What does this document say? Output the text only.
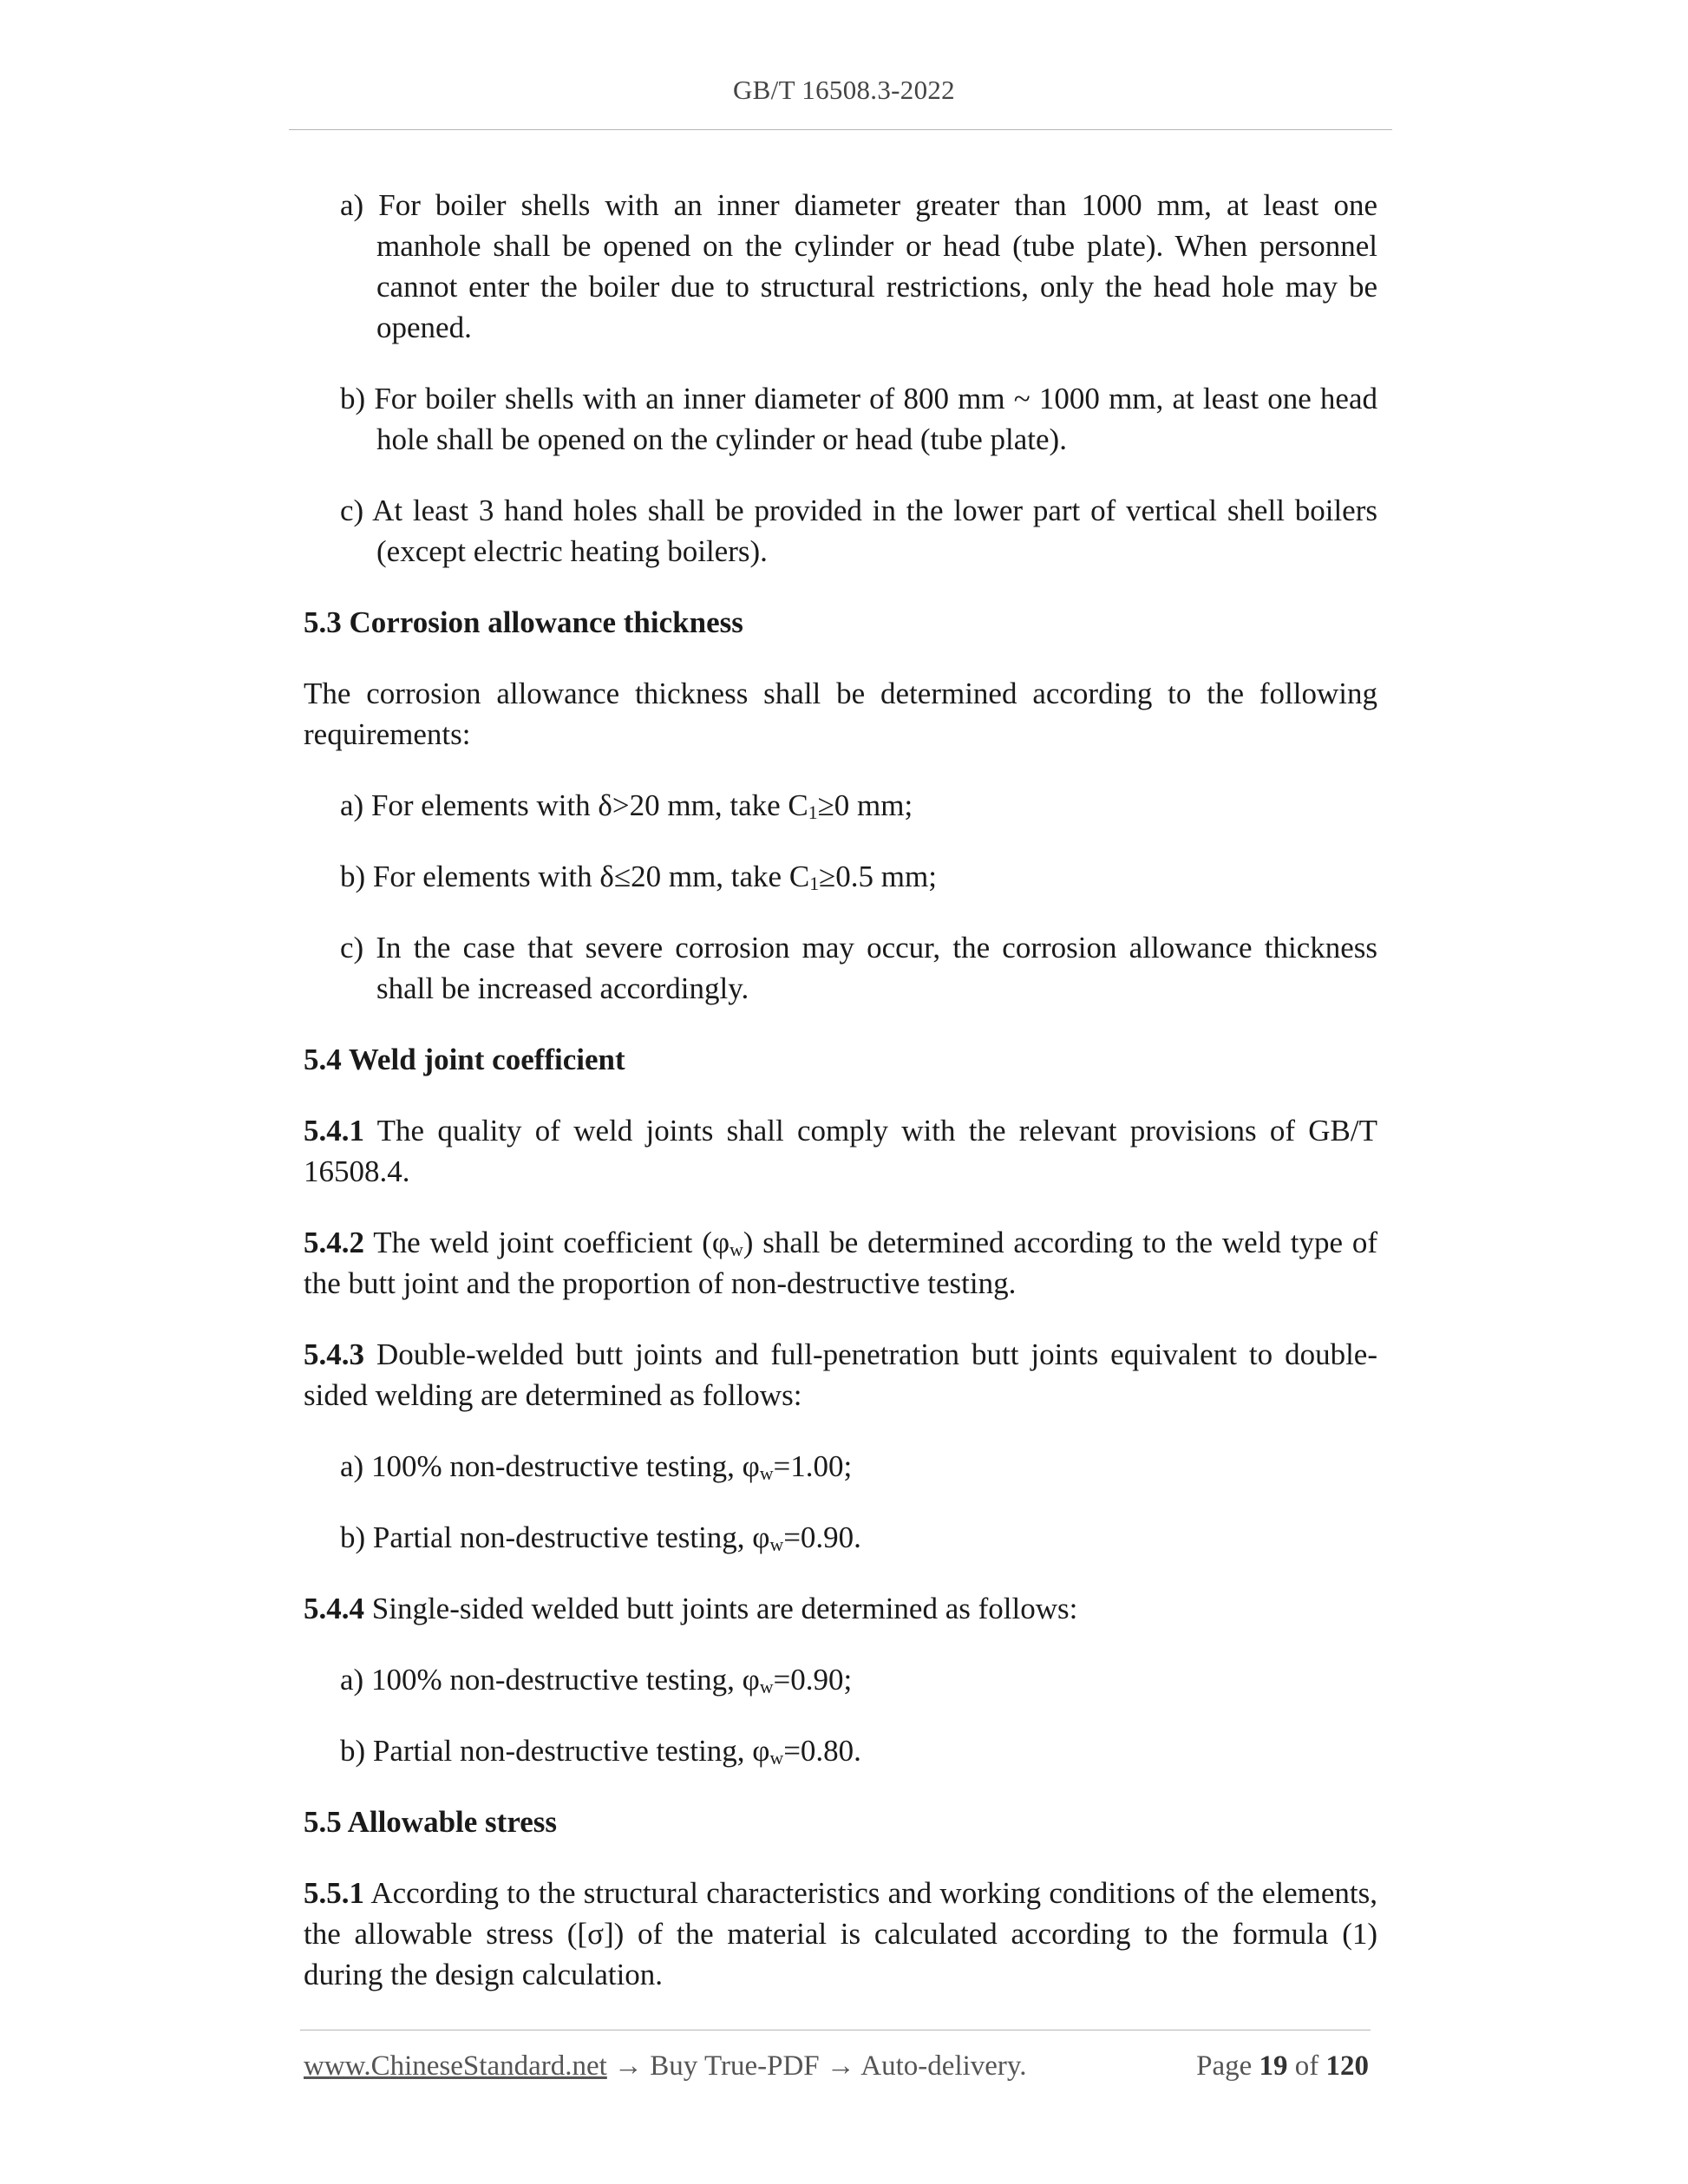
GB/T 16508.3-2022

a) For boiler shells with an inner diameter greater than 1000 mm, at least one manhole shall be opened on the cylinder or head (tube plate). When personnel cannot enter the boiler due to structural restrictions, only the head hole may be opened.

b) For boiler shells with an inner diameter of 800 mm ~ 1000 mm, at least one head hole shall be opened on the cylinder or head (tube plate).

c) At least 3 hand holes shall be provided in the lower part of vertical shell boilers (except electric heating boilers).

5.3 Corrosion allowance thickness

The corrosion allowance thickness shall be determined according to the following requirements:

a) For elements with δ>20 mm, take $C_1\ge 0$ mm;

b) For elements with δ≤20 mm, take $C_1\ge 0.5$ mm;

c) In the case that severe corrosion may occur, the corrosion allowance thickness shall be increased accordingly.

5.4 Weld joint coefficient

5.4.1 The quality of weld joints shall comply with the relevant provisions of GB/T 16508.4.

5.4.2 The weld joint coefficient $(\varphi_w)$ shall be determined according to the weld type of the butt joint and the proportion of non-destructive testing.

5.4.3 Double-welded butt joints and full-penetration butt joints equivalent to double-sided welding are determined as follows:

a) 100% non-destructive testing, $\varphi_w=1.00$;

b) Partial non-destructive testing, $\varphi_w=0.90$.

5.4.4 Single-sided welded butt joints are determined as follows:

a) 100% non-destructive testing, $\varphi_w=0.90$;

b) Partial non-destructive testing, $\varphi_w=0.80$.

5.5 Allowable stress

5.5.1 According to the structural characteristics and working conditions of the elements, the allowable stress ([σ]) of the material is calculated according to the formula (1) during the design calculation.

www.ChineseStandard.net → Buy True-PDF → Auto-delivery.	Page 19 of 120
